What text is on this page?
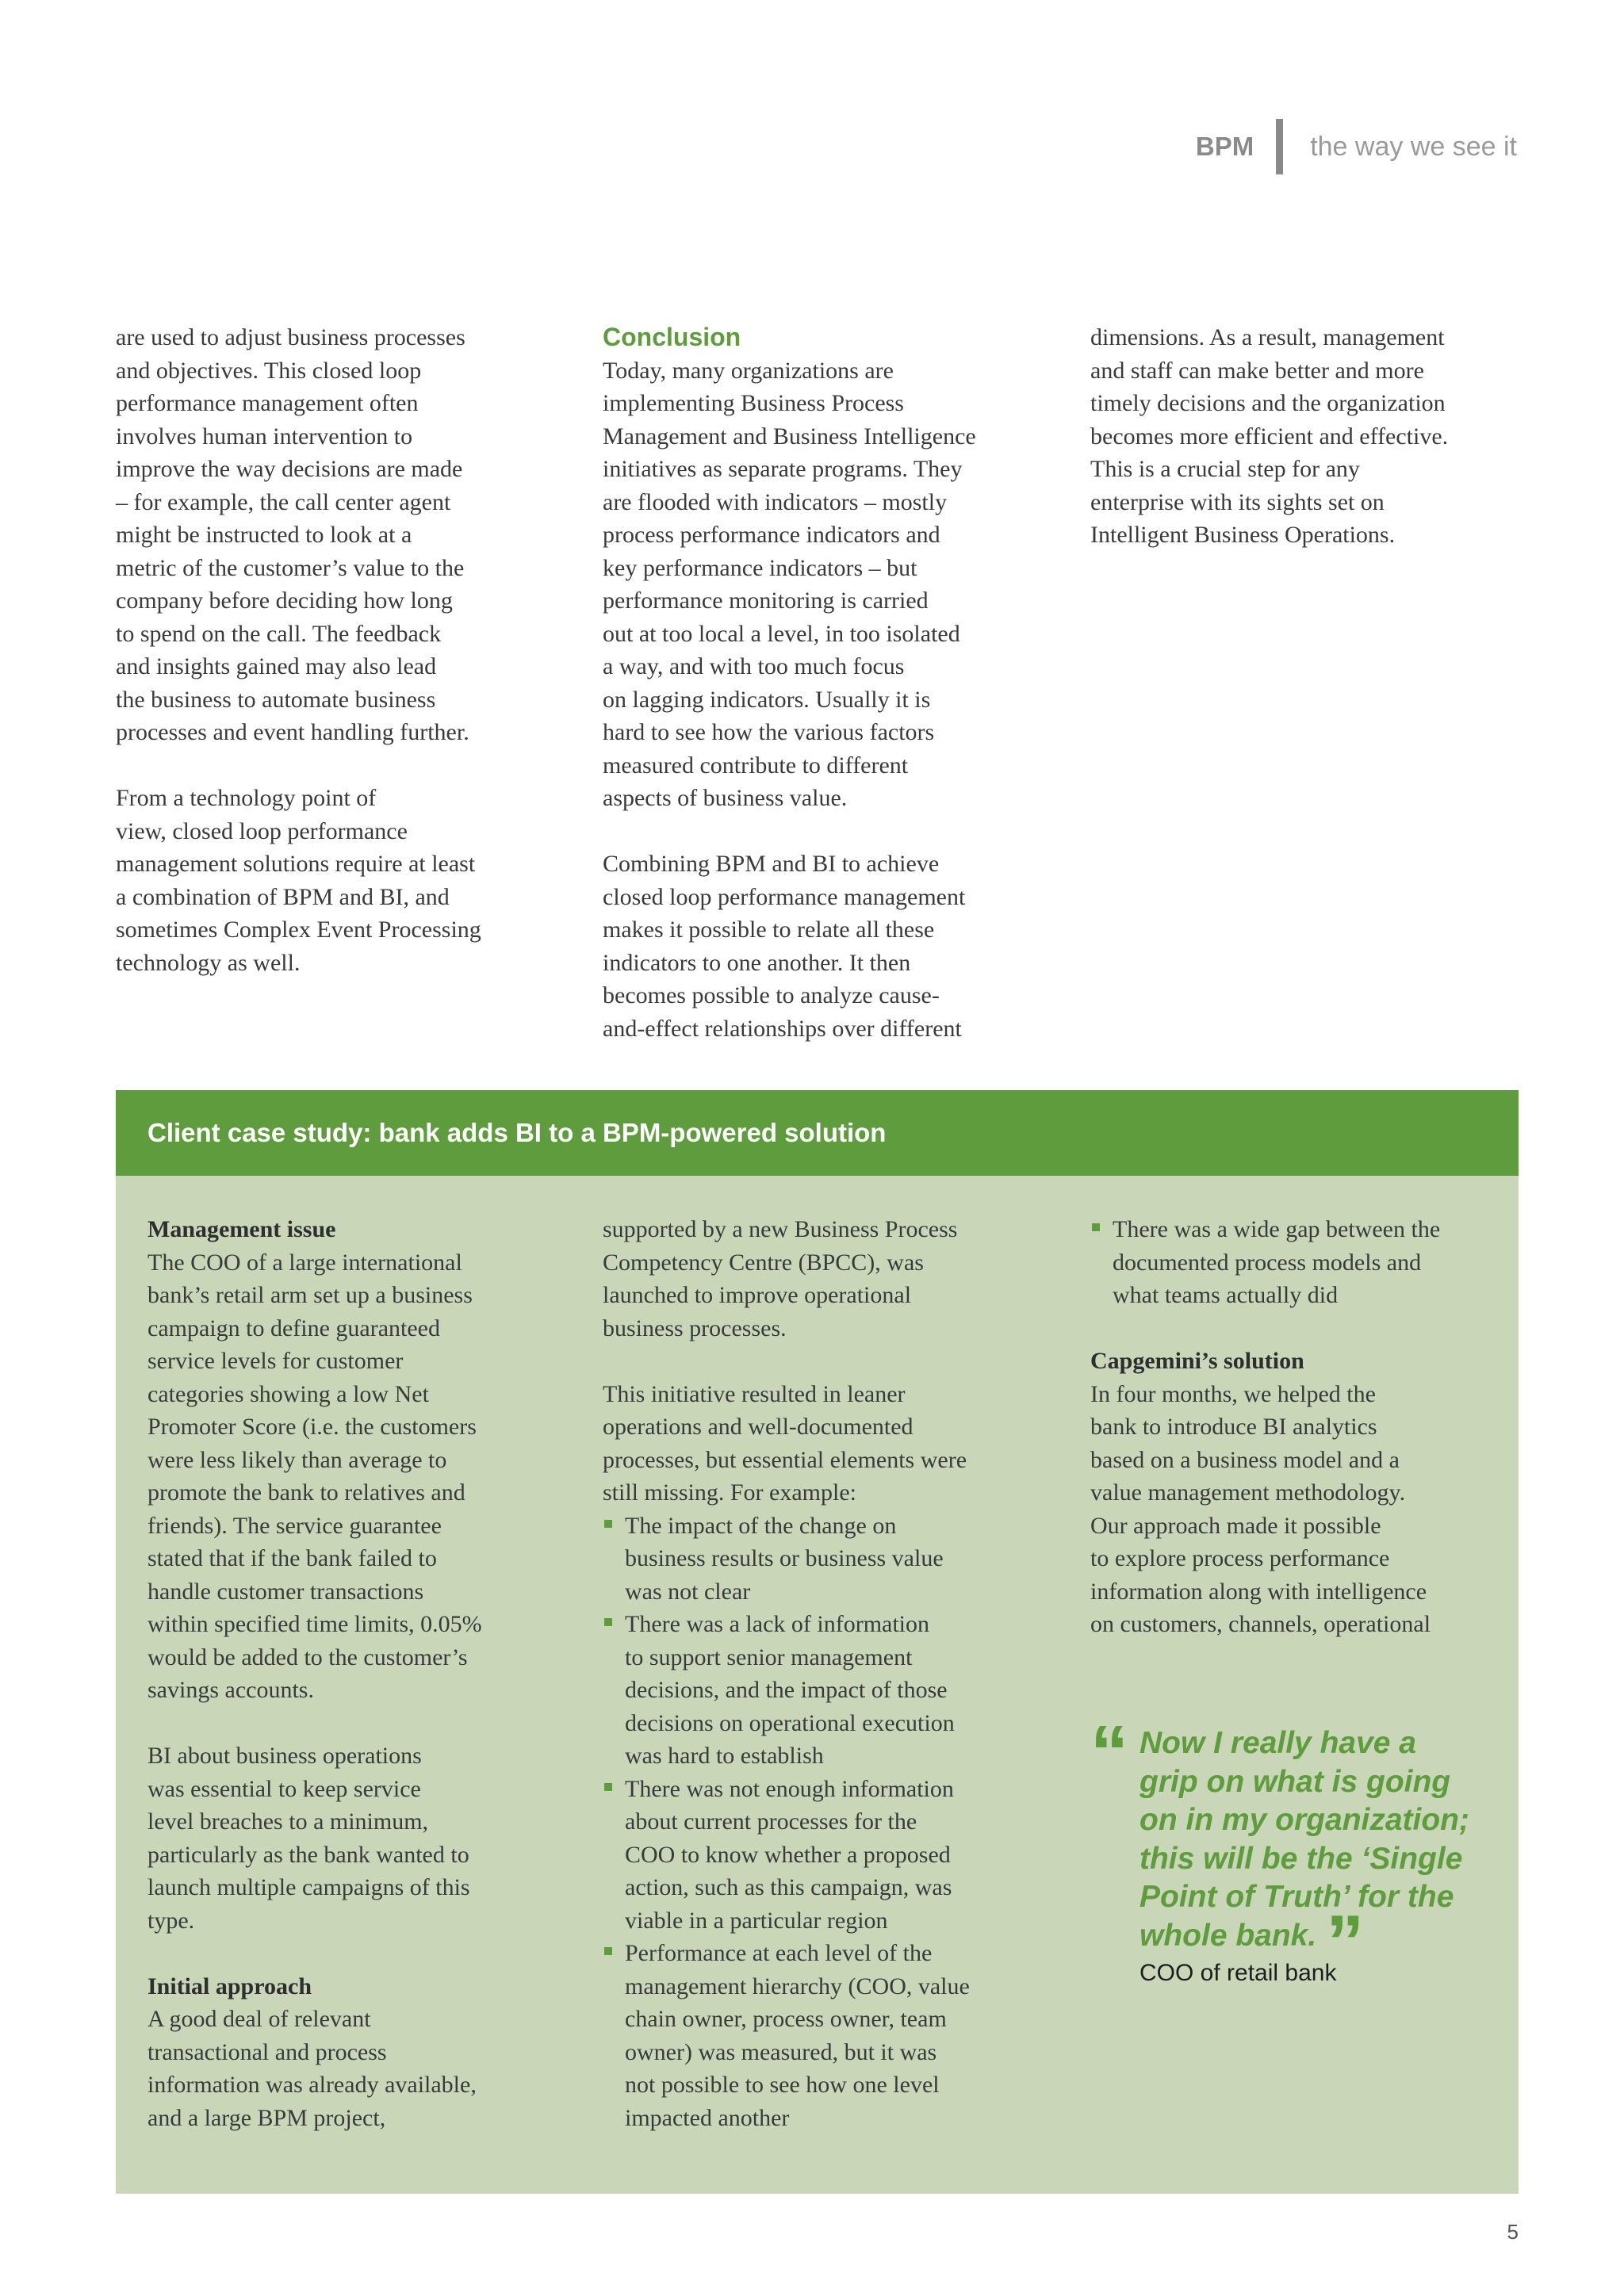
BPM the way we see it

are used to adjust business processes
and objectives. This closed loop
performance management often
involves human intervention to
improve the way decisions are made
– for example, the call center agent
might be instructed to look at a
metric of the customer’s value to the
company before deciding how long
to spend on the call. The feedback
and insights gained may also lead
the business to automate business
processes and event handling further.

From a technology point of
view, closed loop performance
management solutions require at least
a combination of BPM and BI, and
sometimes Complex Event Processing
technology as well.

Conclusion

Today, many organizations are
implementing Business Process
Management and Business Intelligence
initiatives as separate programs. They
are flooded with indicators – mostly
process performance indicators and
key performance indicators – but
performance monitoring is carried
out at too local a level, in too isolated
a way, and with too much focus
on lagging indicators. Usually it is
hard to see how the various factors
measured contribute to different
aspects of business value.

Combining BPM and BI to achieve
closed loop performance management
makes it possible to relate all these
indicators to one another. It then
becomes possible to analyze cause-
and-effect relationships over different

dimensions. As a result, management
and staff can make better and more
timely decisions and the organization
becomes more efficient and effective.
This is a crucial step for any
enterprise with its sights set on
Intelligent Business Operations.

Client case study: bank adds BI to a BPM-powered solution

Management issue

The COO of a large international
bank’s retail arm set up a business
campaign to define guaranteed
service levels for customer
categories showing a low Net
Promoter Score (i.e. the customers
were less likely than average to
promote the bank to relatives and
friends). The service guarantee
stated that if the bank failed to
handle customer transactions
within specified time limits, 0.05%
would be added to the customer’s
savings accounts.

BI about business operations
was essential to keep service
level breaches to a minimum,
particularly as the bank wanted to
launch multiple campaigns of this
type.

Initial approach

A good deal of relevant
transactional and process
information was already available,
and a large BPM project,

supported by a new Business Process
Competency Centre (BPCC), was
launched to improve operational
business processes.

This initiative resulted in leaner
operations and well-documented
processes, but essential elements were
still missing. For example:

The impact of the change on
business results or business value
was not clear
There was a lack of information
to support senior management
decisions, and the impact of those
decisions on operational execution
was hard to establish
There was not enough information
about current processes for the
COO to know whether a proposed
action, such as this campaign, was
viable in a particular region
Performance at each level of the
management hierarchy (COO, value
chain owner, process owner, team
owner) was measured, but it was
not possible to see how one level
impacted another
There was a wide gap between the
documented process models and
what teams actually did

Capgemini’s solution

In four months, we helped the
bank to introduce BI analytics
based on a business model and a
value management methodology.
Our approach made it possible
to explore process performance
information along with intelligence
on customers, channels, operational

“ Now I really have a
grip on what is going
on in my organization;
this will be the ‘Single
Point of Truth’ for the
whole bank. ”
COO of retail bank
5
